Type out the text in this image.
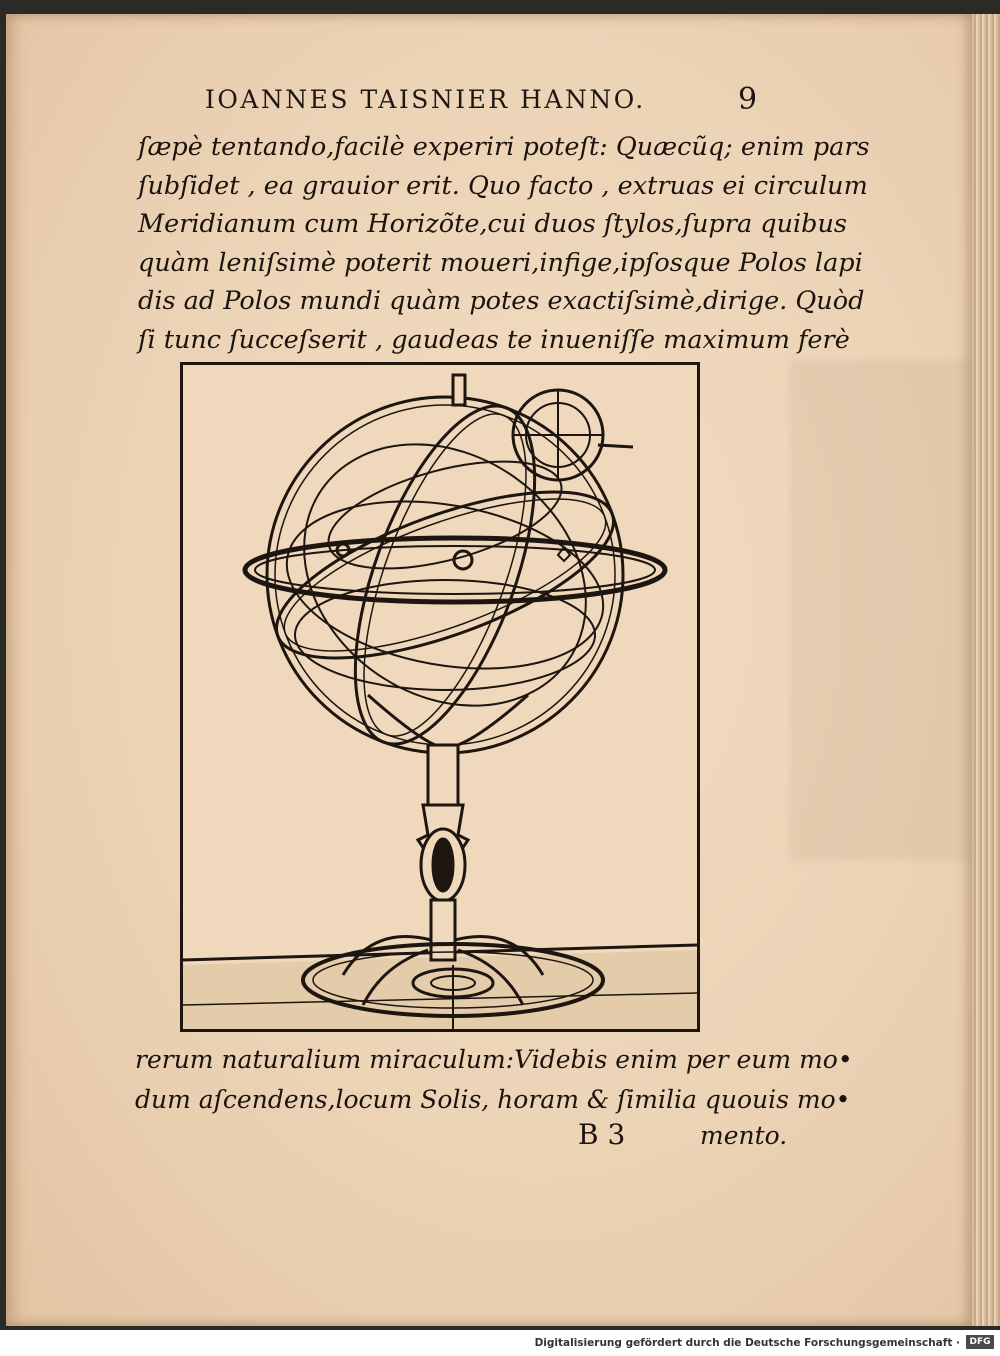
IOANNES TAISNIER HANNO.	9
ſæpè tentando,facilè experiri poteſt: Quæcũq; enim pars
ſubſidet , ea grauior erit. Quo facto , extruas ei circulum
Meridianum cum Horizõte,cui duos ſtylos,ſupra quibus
quàm leniſsimè poterit moueri,infige,ipſosque Polos lapi
dis ad Polos mundi quàm potes exactiſsimè,dirige. Quòd
ſi tunc ſucceſserit , gaudeas te inueniſſe maximum ferè
rerum naturalium miraculum:Videbis enim per eum mo•
dum aſcendens,locum Solis, horam & ſimilia quouis mo•
B 3	mento.
Digitalisierung gefördert durch die Deutsche Forschungsgemeinschaft ·	DFG
